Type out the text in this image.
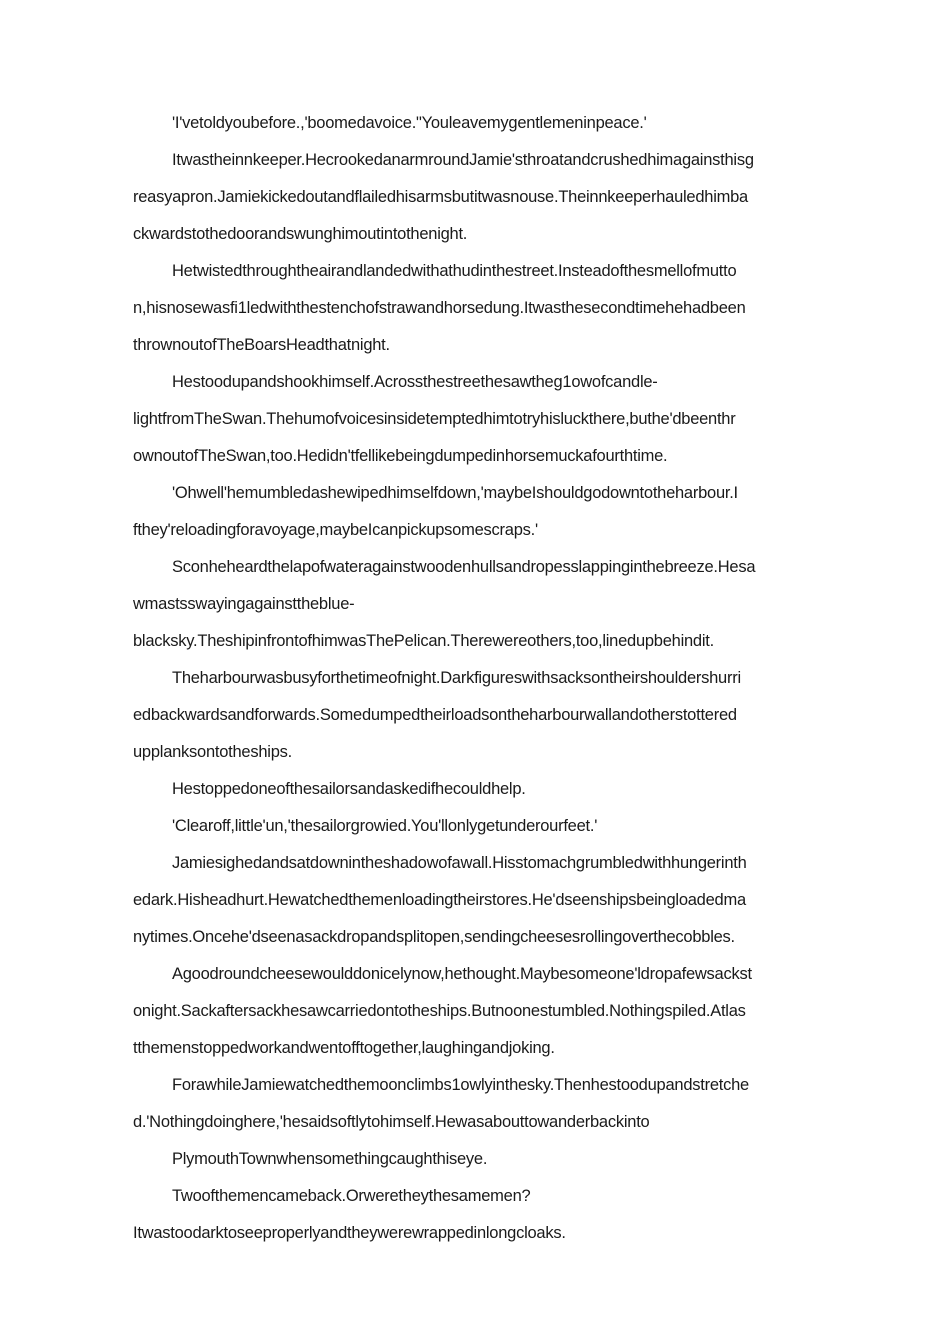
'I'vetoldyoubefore.,'boomedavoice."Youleavemygentlemeninpeace.'
Itwastheinnkeeper.HecrookedanarmroundJamie'sthroatandcrushedhimagainsthisg
reasyapron.Jamiekickedoutandflailedhisarmsbutitwasnouse.Theinnkeeperhauledhimba
ckwardstothedoorandswunghimoutintothenight.
Hetwistedthroughtheairandlandedwithathudinthestreet.Insteadofthesmellofmutto
n,hisnosewasfi1ledwiththestenchofstrawandhorsedung.Itwasthesecondtimehehadbeen
thrownoutofTheBoarsHeadthatnight.
Hestoodupandshookhimself.Acrossthestreethesawtheg1owofcandle-
lightfromTheSwan.Thehumofvoicesinsidetemptedhimtotryhisluckthere,buthe'dbeenthr
ownoutofTheSwan,too.Hedidn'tfellikebeingdumpedinhorsemuckafourthtime.
'Ohwell'hemumbledashewipedhimselfdown,'maybeIshouldgodowntotheharbour.I
fthey'reloadingforavoyage,maybeIcanpickupsomescraps.'
Sconheheardthelapofwateragainstwoodenhullsandropesslappinginthebreeze.Hesa
wmastsswayingagainsttheblue-
blacksky.TheshipinfrontofhimwasThePelican.Therewereothers,too,linedupbehindit.
Theharbourwasbusyforthetimeofnight.Darkfigureswithsacksontheirshouldershurri
edbackwardsandforwards.Somedumpedtheirloadsontheharbourwallandotherstottered
upplanksontotheships.
Hestoppedoneofthesailorsandaskedifhecouldhelp.
'Clearoff,little'un,'thesailorgrowied.You'llonlygetunderourfeet.'
Jamiesighedandsatdownintheshadowofawall.Hisstomachgrumbledwithhungerinth
edark.Hisheadhurt.Hewatchedthemenloadingtheirstores.He'dseenshipsbeingloadedma
nytimes.Oncehe'dseenasackdropandsplitopen,sendingcheesesrollingoverthecobbles.
Agoodroundcheesewoulddonicelynow,hethought.Maybesomeone'ldropafewsackst
onight.Sackaftersackhesawcarriedontotheships.Butnoonestumbled.Nothingspiled.Atlas
tthemenstoppedworkandwentofftogether,laughingandjoking.
ForawhileJamiewatchedthemoonclimbs1owlyinthesky.Thenhestoodupandstretche
d.'Nothingdoinghere,'hesaidsoftlytohimself.Hewasabouttowanderbackinto
PlymouthTownwhensomethingcaughthiseye.
Twoofthemencameback.Orweretheythesamemen?
Itwastoodarktoseeproperlyandtheywerewrappedinlongcloaks.
